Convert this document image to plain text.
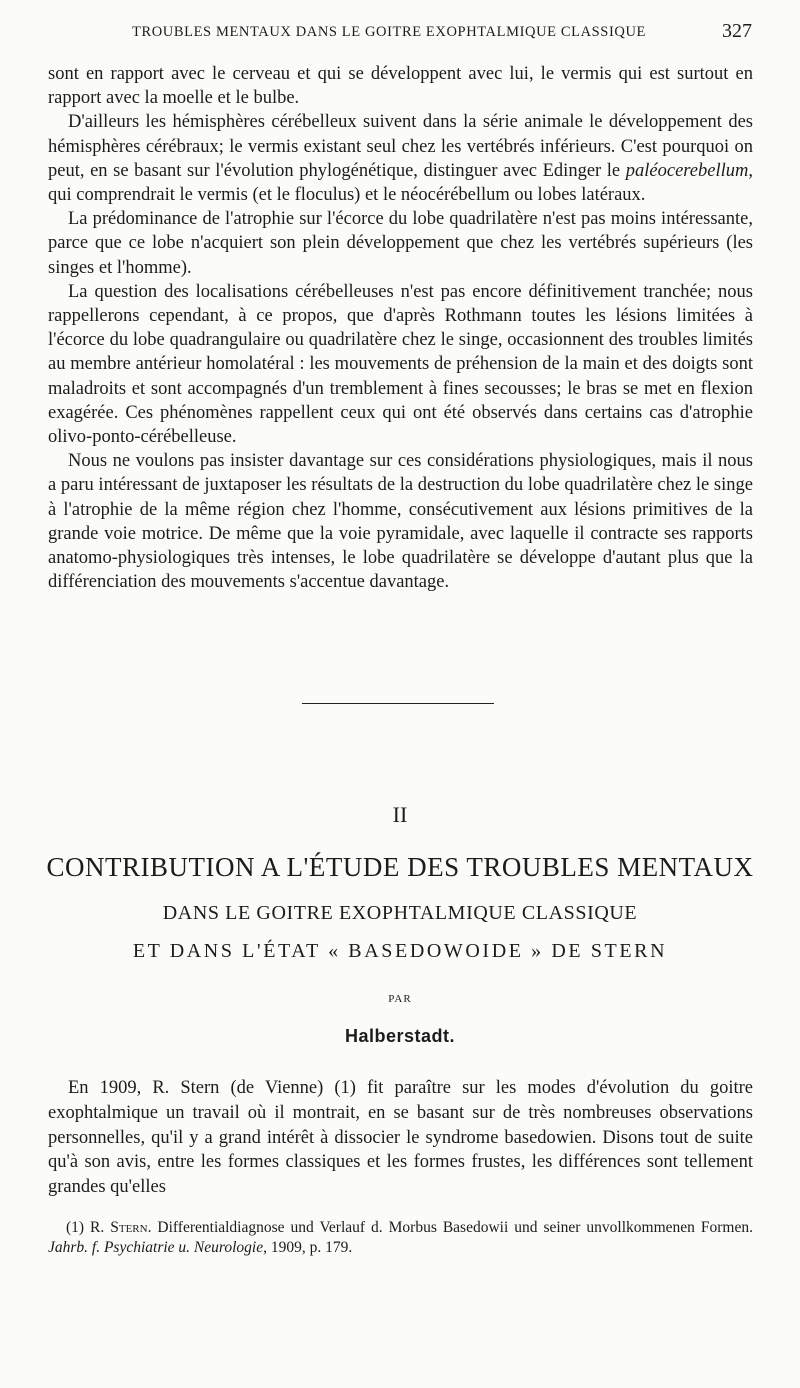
TROUBLES MENTAUX DANS LE GOITRE EXOPHTALMIQUE CLASSIQUE	327

sont en rapport avec le cerveau et qui se développent avec lui, le vermis qui est surtout en rapport avec la moelle et le bulbe.

D'ailleurs les hémisphères cérébelleux suivent dans la série animale le développement des hémisphères cérébraux; le vermis existant seul chez les vertébrés inférieurs. C'est pourquoi on peut, en se basant sur l'évolution phylogénétique, distinguer avec Edinger le paléocerebellum, qui comprendrait le vermis (et le floculus) et le néocérébellum ou lobes latéraux.

La prédominance de l'atrophie sur l'écorce du lobe quadrilatère n'est pas moins intéressante, parce que ce lobe n'acquiert son plein développement que chez les vertébrés supérieurs (les singes et l'homme).

La question des localisations cérébelleuses n'est pas encore définitivement tranchée; nous rappellerons cependant, à ce propos, que d'après Rothmann toutes les lésions limitées à l'écorce du lobe quadrangulaire ou quadrilatère chez le singe, occasionnent des troubles limités au membre antérieur homolatéral : les mouvements de préhension de la main et des doigts sont maladroits et sont accompagnés d'un tremblement à fines secousses; le bras se met en flexion exagérée. Ces phénomènes rappellent ceux qui ont été observés dans certains cas d'atrophie olivo-ponto-cérébelleuse.

Nous ne voulons pas insister davantage sur ces considérations physiologiques, mais il nous a paru intéressant de juxtaposer les résultats de la destruction du lobe quadrilatère chez le singe à l'atrophie de la même région chez l'homme, consécutivement aux lésions primitives de la grande voie motrice. De même que la voie pyramidale, avec laquelle il contracte ses rapports anatomo-physiologiques très intenses, le lobe quadrilatère se développe d'autant plus que la différenciation des mouvements s'accentue davantage.

II
CONTRIBUTION A L'ÉTUDE DES TROUBLES MENTAUX
DANS LE GOITRE EXOPHTALMIQUE CLASSIQUE
ET DANS L'ÉTAT « BASEDOWOIDE » DE STERN
PAR
Halberstadt.

En 1909, R. Stern (de Vienne) (1) fit paraître sur les modes d'évolution du goitre exophtalmique un travail où il montrait, en se basant sur de très nombreuses observations personnelles, qu'il y a grand intérêt à dissocier le syndrome basedowien. Disons tout de suite qu'à son avis, entre les formes classiques et les formes frustes, les différences sont tellement grandes qu'elles

(1) R. Stern. Differentialdiagnose und Verlauf d. Morbus Basedowii und seiner unvollkommenen Formen. Jahrb. f. Psychiatrie u. Neurologie, 1909, p. 179.
